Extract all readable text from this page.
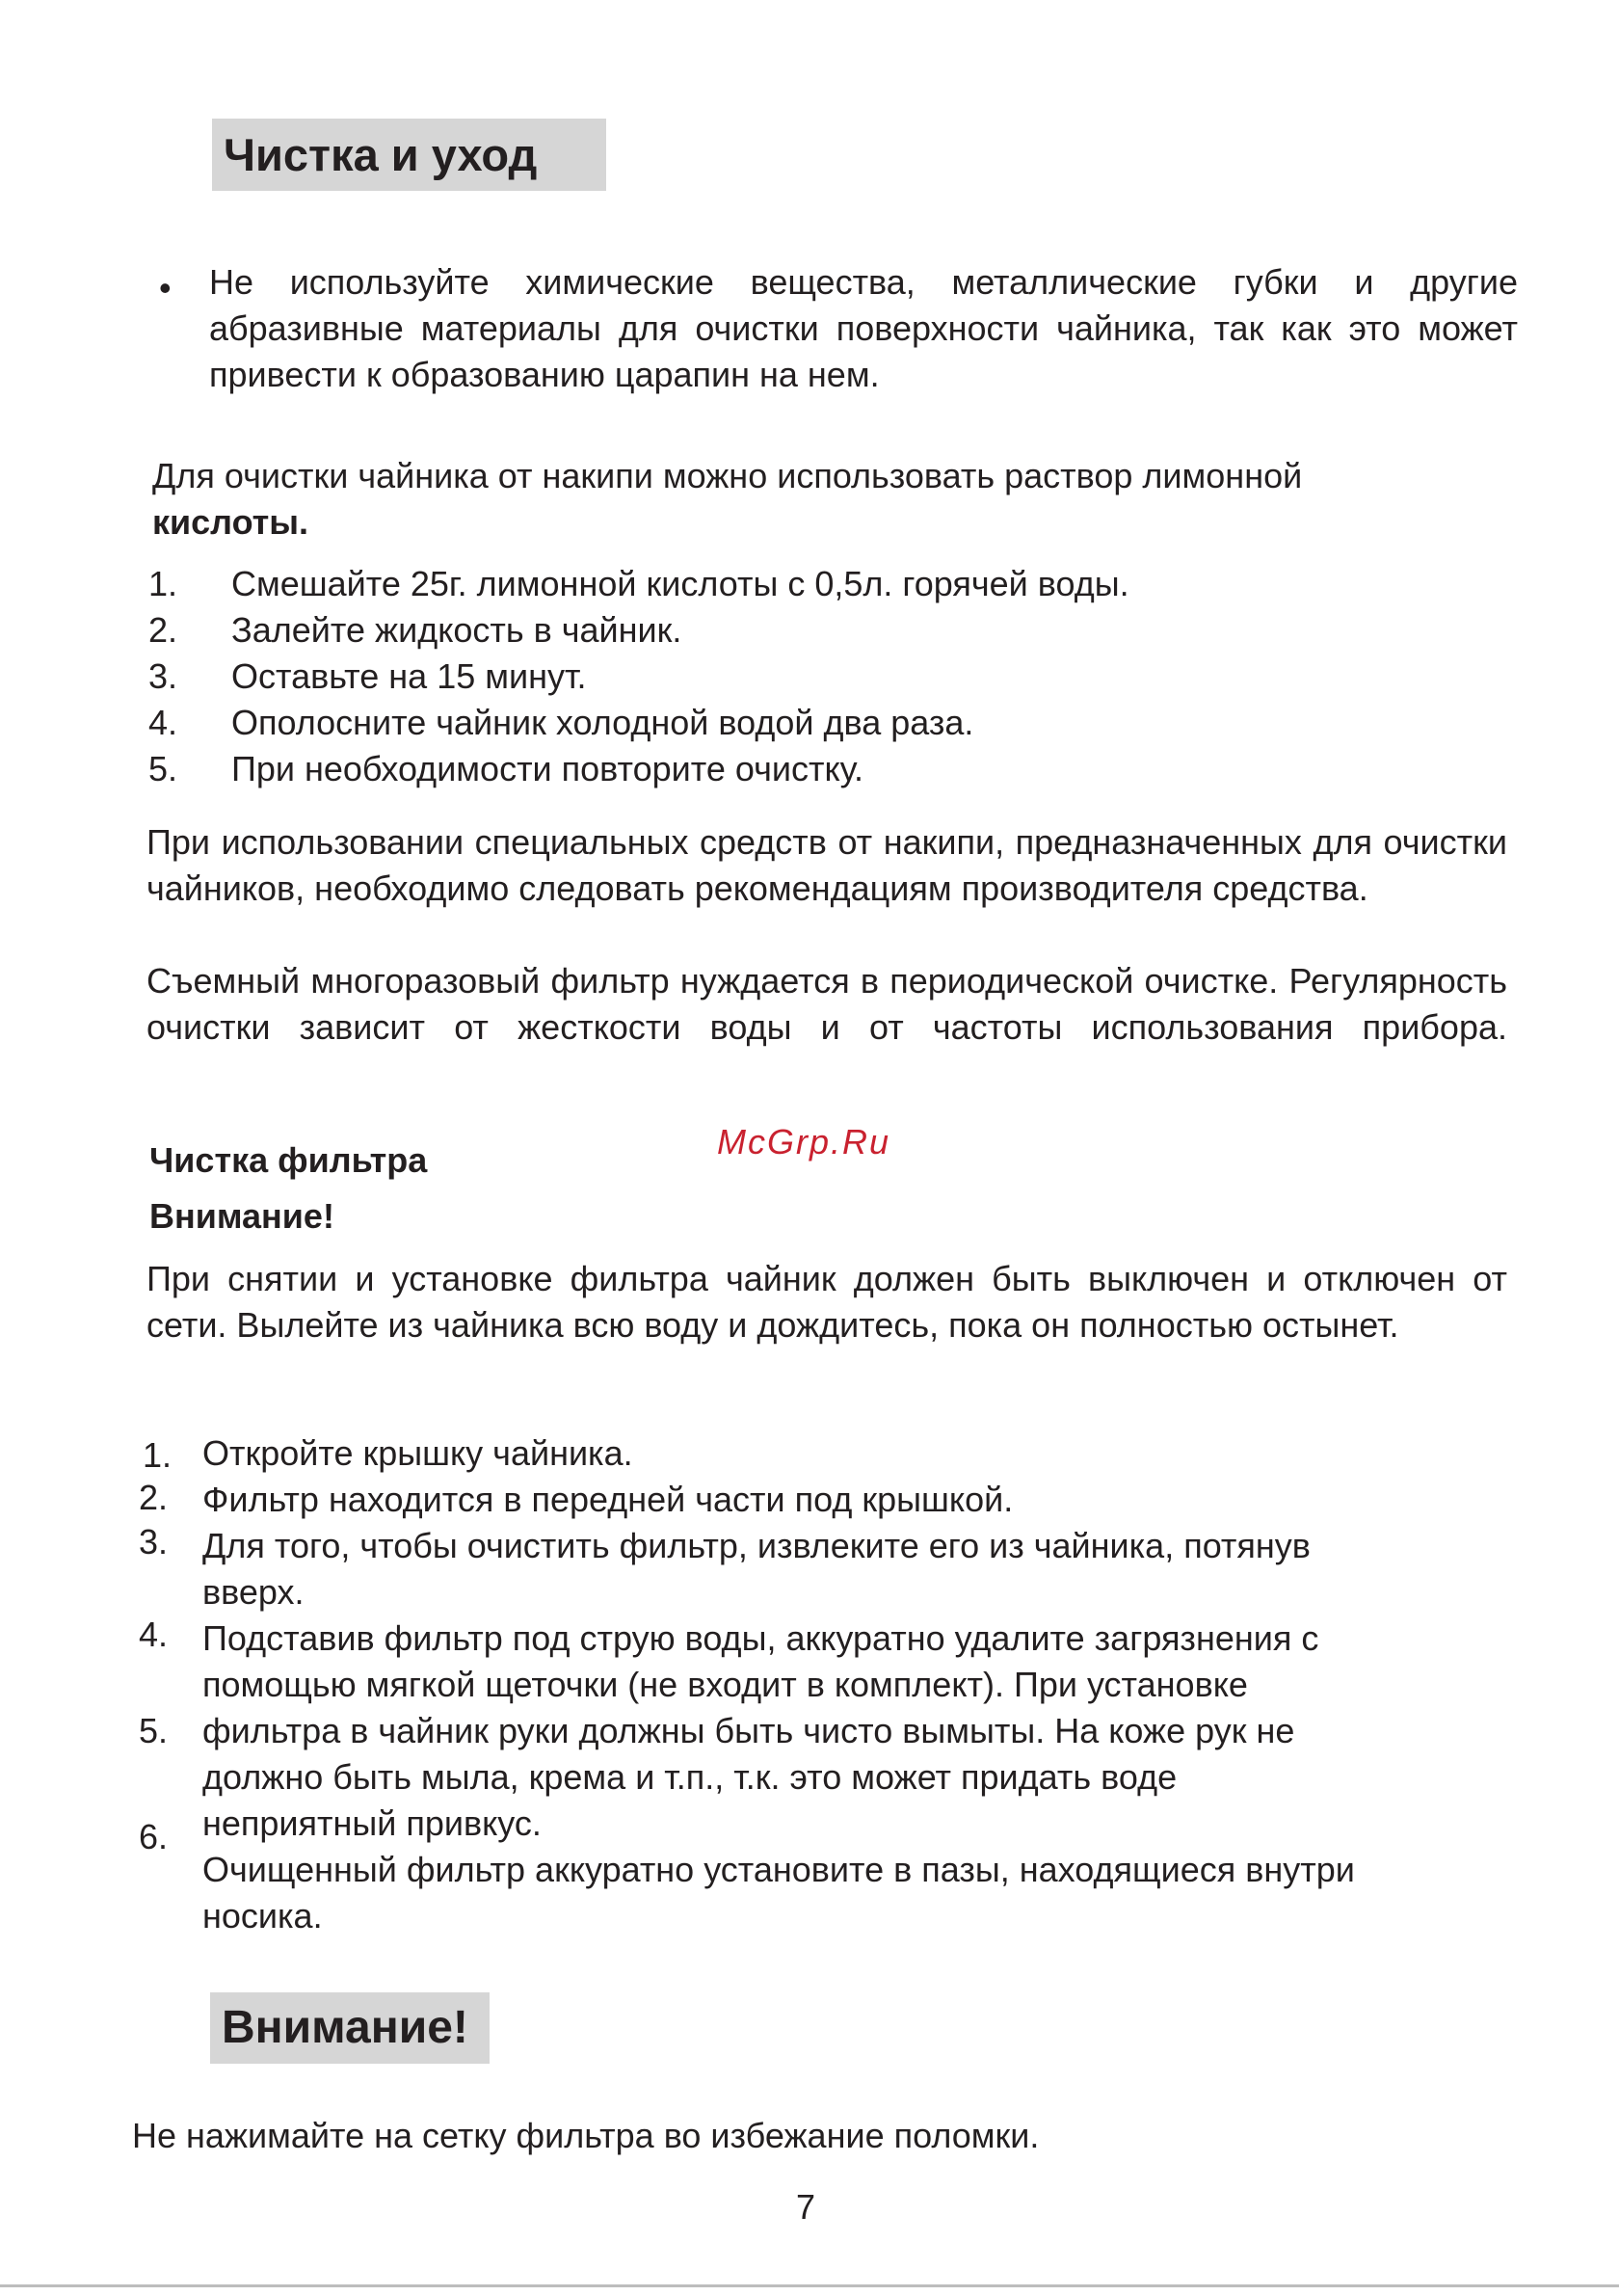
Чистка и уход
• Не используйте химические вещества, металлические губки и другие абразивные материалы для очистки поверхности чайника, так как это может привести к образованию царапин на нем.
Для очистки чайника от накипи можно использовать раствор лимонной
кислоты.
1. Смешайте 25г. лимонной кислоты с 0,5л. горячей воды.
2. Залейте жидкость в чайник.
3. Оставьте на 15 минут.
4. Ополосните чайник холодной водой два раза.
5. При необходимости повторите очистку.
При использовании специальных средств от накипи, предназначенных для очистки чайников, необходимо следовать рекомендациям производителя средства.
Съемный многоразовый фильтр нуждается в периодической очистке. Регулярность очистки зависит от жесткости воды и от частоты использования прибора.
Чистка фильтра	McGrp.Ru
Внимание!
При снятии и установке фильтра чайник должен быть выключен и отключен от сети. Вылейте из чайника всю воду и дождитесь, пока он полностью остынет.
1.
2.
3.
4.
5.
6.
Откройте крышку чайника.
Фильтр находится в передней части под крышкой.
Для того, чтобы очистить фильтр, извлеките его из чайника, потянув
вверх.
Подставив фильтр под струю воды, аккуратно удалите загрязнения с
помощью мягкой щеточки (не входит в комплект). При установке
фильтра в чайник руки должны быть чисто вымыты. На коже рук не
должно быть мыла, крема и т.п., т.к. это может придать воде
неприятный привкус.
Очищенный фильтр аккуратно установите в пазы, находящиеся внутри
носика.
Внимание!
Не нажимайте на сетку фильтра во избежание поломки.
7
